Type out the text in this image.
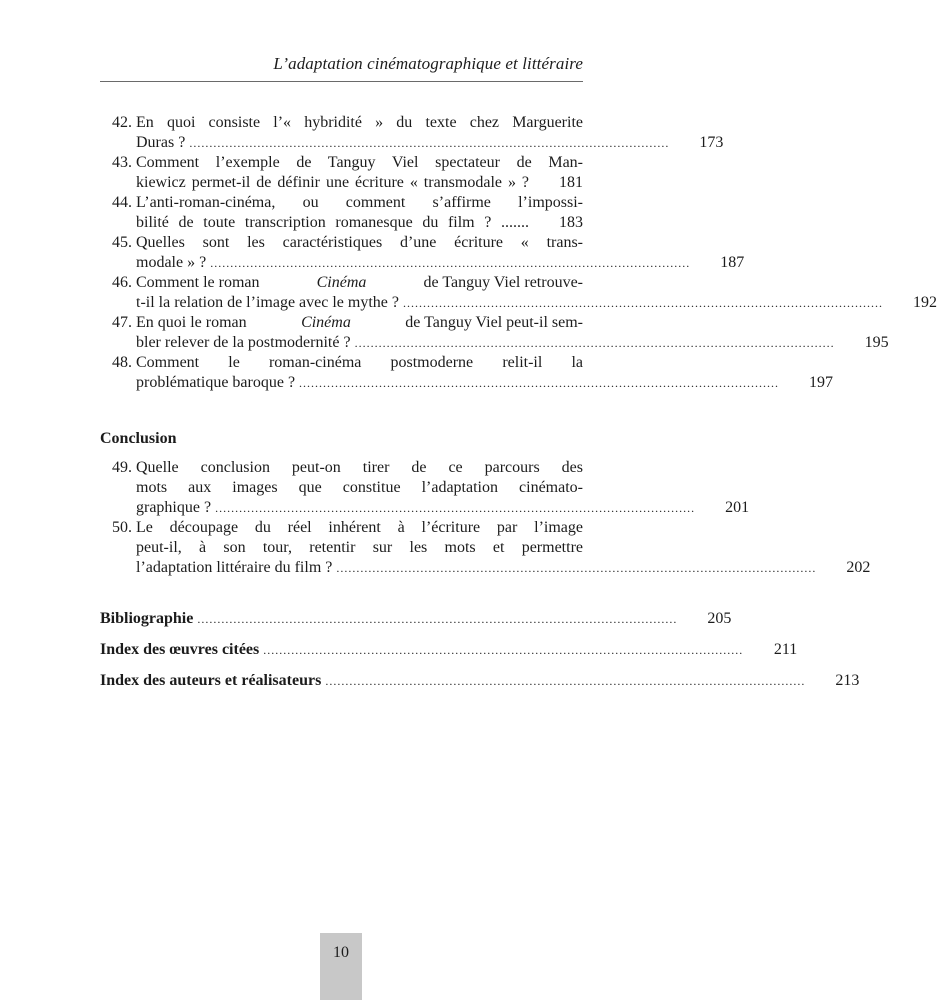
L’adaptation cinématographique et littéraire
42. En quoi consiste l’« hybridité » du texte chez Marguerite
Duras ? ........................................................................................................................	173
43. Comment l’exemple de Tanguy Viel spectateur de Man-
kiewicz permet-il de définir une écriture « transmodale » ?	181
44. L’anti-roman-cinéma, ou comment s’affirme l’impossi-
bilité de toute transcription romanesque du film ? .......	183
45. Quelles sont les caractéristiques d’une écriture « trans-
modale » ? ........................................................................................................................	187
46. Comment le roman	Cinéma	de Tanguy Viel retrouve-
t-il la relation de l’image avec le mythe ? ........................................................................................................................	192
47. En quoi le roman	Cinéma	de Tanguy Viel peut-il sem-
bler relever de la postmodernité ? ........................................................................................................................	195
48. Comment le roman-cinéma postmoderne relit-il la
problématique baroque ? ........................................................................................................................	197
Conclusion
49. Quelle conclusion peut-on tirer de ce parcours des
mots aux images que constitue l’adaptation cinémato-
graphique ? ........................................................................................................................	201
50. Le découpage du réel inhérent à l’écriture par l’image
peut-il, à son tour, retentir sur les mots et permettre
l’adaptation littéraire du film ? ........................................................................................................................	202
Bibliographie ........................................................................................................................	205
Index des œuvres citées ........................................................................................................................	211
Index des auteurs et réalisateurs ........................................................................................................................	213
10
